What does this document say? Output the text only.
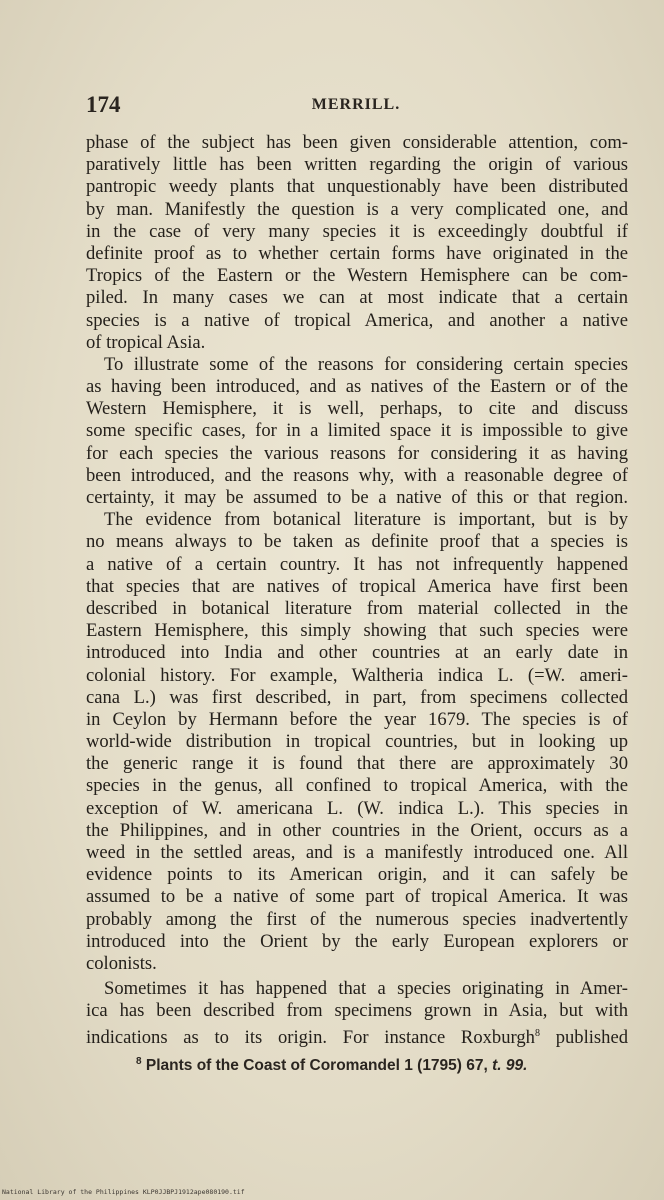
174	MERRILL.
phase of the subject has been given considerable attention, com-
paratively little has been written regarding the origin of various
pantropic weedy plants that unquestionably have been distributed
by man. Manifestly the question is a very complicated one, and
in the case of very many species it is exceedingly doubtful if
definite proof as to whether certain forms have originated in the
Tropics of the Eastern or the Western Hemisphere can be com-
piled. In many cases we can at most indicate that a certain
species is a native of tropical America, and another a native
of tropical Asia.
To illustrate some of the reasons for considering certain species
as having been introduced, and as natives of the Eastern or of the
Western Hemisphere, it is well, perhaps, to cite and discuss
some specific cases, for in a limited space it is impossible to give
for each species the various reasons for considering it as having
been introduced, and the reasons why, with a reasonable degree of
certainty, it may be assumed to be a native of this or that region.
The evidence from botanical literature is important, but is by
no means always to be taken as definite proof that a species is
a native of a certain country. It has not infrequently happened
that species that are natives of tropical America have first been
described in botanical literature from material collected in the
Eastern Hemisphere, this simply showing that such species were
introduced into India and other countries at an early date in
colonial history. For example, Waltheria indica L. (=W. ameri-
cana L.) was first described, in part, from specimens collected
in Ceylon by Hermann before the year 1679. The species is of
world-wide distribution in tropical countries, but in looking up
the generic range it is found that there are approximately 30
species in the genus, all confined to tropical America, with the
exception of W. americana L. (W. indica L.). This species in
the Philippines, and in other countries in the Orient, occurs as a
weed in the settled areas, and is a manifestly introduced one. All
evidence points to its American origin, and it can safely be
assumed to be a native of some part of tropical America. It was
probably among the first of the numerous species inadvertently
introduced into the Orient by the early European explorers or
colonists.
Sometimes it has happened that a species originating in Amer-
ica has been described from specimens grown in Asia, but with
indications as to its origin. For instance Roxburgh$^8$ published
$^8$ Plants of the Coast of Coromandel 1 (1795) 67, t. 99.
National Library of the Philippines KLP0JJBPJ1912ape080190.tif
